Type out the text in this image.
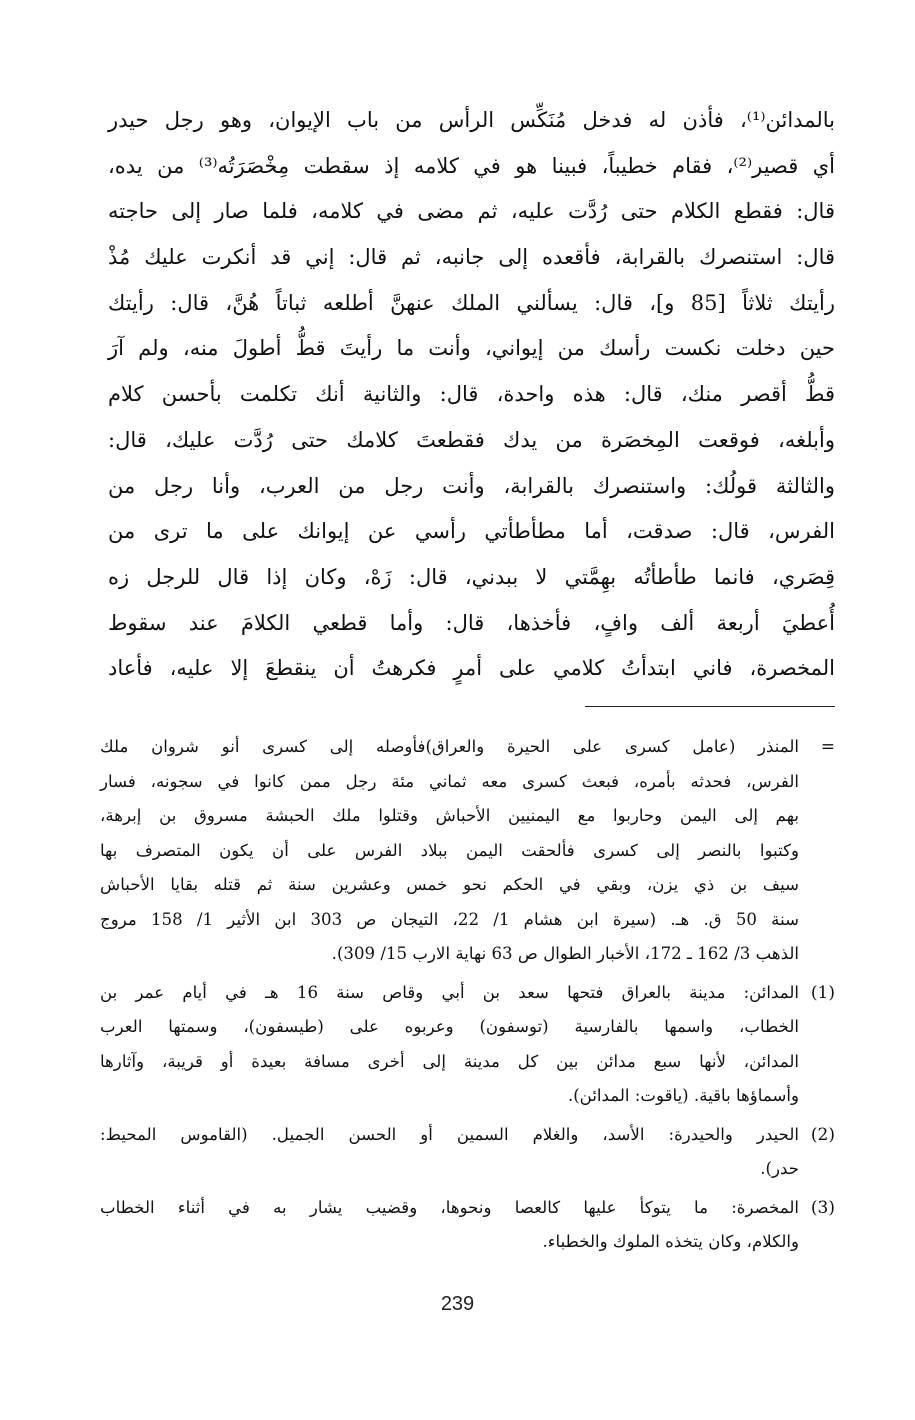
بالمدائن⁽¹⁾، فأذن له فدخل مُنَكِّس الرأس من باب الإيوان، وهو رجل حيدر
أي قصير⁽²⁾، فقام خطيباً، فبينا هو في كلامه إذ سقطت مِخْصَرَتُه⁽³⁾ من يده،
قال: فقطع الكلام حتى رُدَّت عليه، ثم مضى في كلامه، فلما صار إلى حاجته
قال: استنصرك بالقرابة، فأقعده إلى جانبه، ثم قال: إني قد أنكرت عليك مُذْ
رأيتك ثلاثاً [85 و]، قال: يسألني الملك عنهنَّ أطلعه ثباتاً هُنَّ، قال: رأيتك
حين دخلت نكست رأسك من إيواني، وأنت ما رأيتَ قطُّ أطولَ منه، ولم آرَ
قطُّ أقصر منك، قال: هذه واحدة، قال: والثانية أنك تكلمت بأحسن كلام
وأبلغه، فوقعت المِخصَرة من يدك فقطعتَ كلامك حتى رُدَّت عليك، قال:
والثالثة قولُك: واستنصرك بالقرابة، وأنت رجل من العرب، وأنا رجل من
الفرس، قال: صدقت، أما مطأطأتي رأسي عن إيوانك على ما ترى من
قِصَري، فانما طأطأتُه بهِمَّتي لا ببدني، قال: زَهْ، وكان إذا قال للرجل زه
أُعطيَ أربعة ألف وافٍ، فأخذها، قال: وأما قطعي الكلامَ عند سقوط
المخصرة، فاني ابتدأتُ كلامي على أمرٍ فكرهتُ أن ينقطعَ إلا عليه، فأعاد
=
المنذر (عامل كسرى على الحيرة والعراق)فأوصله إلى كسرى أنو شروان ملك
الفرس، فحدثه بأمره، فبعث كسرى معه ثماني مئة رجل ممن كانوا في سجونه، فسار
بهم إلى اليمن وحاربوا مع اليمنيين الأحباش وقتلوا ملك الحبشة مسروق بن إبرهة،
وكتبوا بالنصر إلى كسرى فألحقت اليمن ببلاد الفرس على أن يكون المتصرف بها
سيف بن ذي يزن، وبقي في الحكم نحو خمس وعشرين سنة ثم قتله بقايا الأحباش
سنة 50 ق. هـ. (سيرة ابن هشام 1/ 22، التيجان ص 303 ابن الأثير 1/ 158 مروج
الذهب 3/ 162 ـ 172، الأخبار الطوال ص 63 نهاية الارب 15/ 309).
(1)
المدائن: مدينة بالعراق فتحها سعد بن أبي وقاص سنة 16 هـ في أيام عمر بن
الخطاب، واسمها بالفارسية (توسفون) وعربوه على (طيسفون)، وسمتها العرب
المدائن، لأنها سبع مدائن بين كل مدينة إلى أخرى مسافة بعيدة أو قريبة، وآثارها
وأسماؤها باقية. (ياقوت: المدائن).
(2)
الحيدر والحيدرة: الأسد، والغلام السمين أو الحسن الجميل. (القاموس المحيط:
حدر).
(3)
المخصرة: ما يتوكأ عليها كالعصا ونحوها، وقضيب يشار به في أثناء الخطاب
والكلام، وكان يتخذه الملوك والخطباء.
239
